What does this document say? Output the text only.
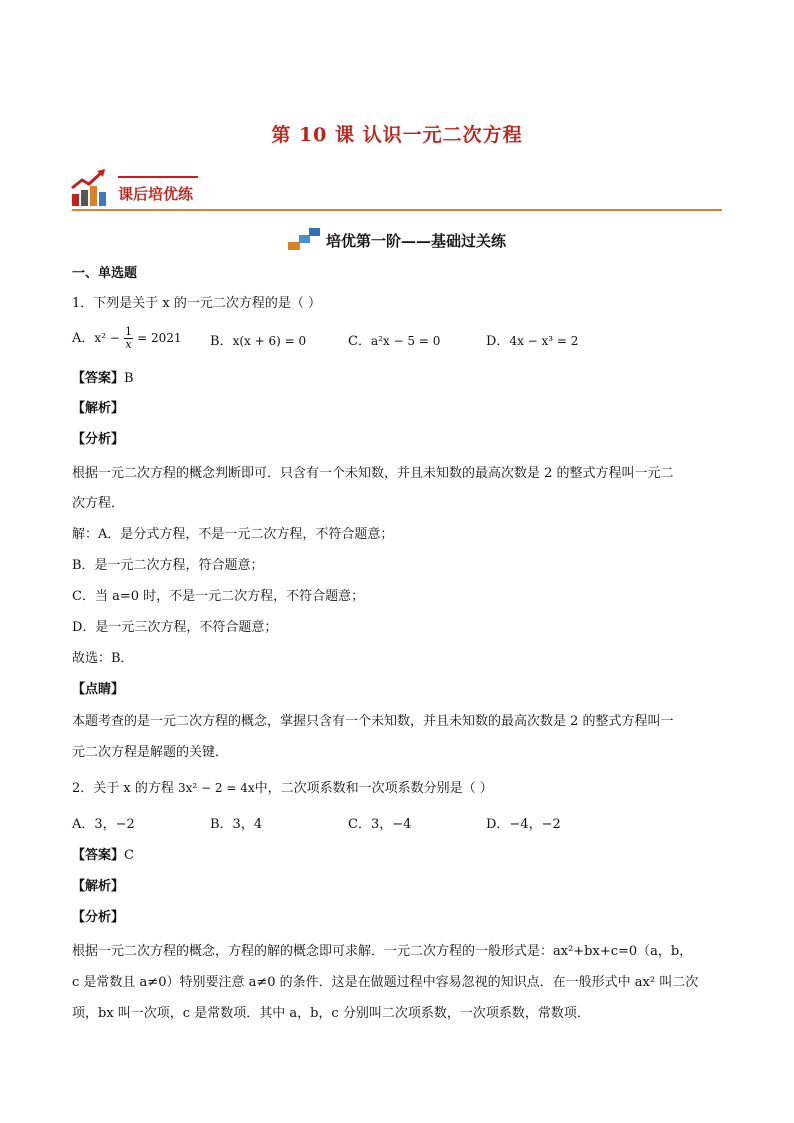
第 10 课 认识一元二次方程
课后培优练
培优第一阶——基础过关练
一、单选题
1．下列是关于 x 的一元二次方程的是（ ）
A．$x^2 - \frac{1}{x} = 2021$ B．x(x + 6) = 0	C．a²x − 5 = 0	D．4x − x³ = 2
【答案】B
【解析】
【分析】
根据一元二次方程的概念判断即可．只含有一个未知数，并且未知数的最高次数是 2 的整式方程叫一元二
次方程．
解：A．是分式方程，不是一元二次方程，不符合题意；
B．是一元二次方程，符合题意；
C．当 a=0 时，不是一元二次方程，不符合题意；
D．是一元三次方程，不符合题意；
故选：B．
【点睛】
本题考查的是一元二次方程的概念，掌握只含有一个未知数，并且未知数的最高次数是 2 的整式方程叫一
元二次方程是解题的关键．
2．关于 x 的方程 3x² − 2 = 4x中，二次项系数和一次项系数分别是（ ）
A．3，−2	B．3，4	C．3，−4	D．−4，−2
【答案】C
【解析】
【分析】
根据一元二次方程的概念，方程的解的概念即可求解．一元二次方程的一般形式是：ax²+bx+c=0（a，b，
c 是常数且 a≠0）特别要注意 a≠0 的条件．这是在做题过程中容易忽视的知识点．在一般形式中 ax² 叫二次
项，bx 叫一次项，c 是常数项．其中 a，b，c 分别叫二次项系数，一次项系数，常数项．
